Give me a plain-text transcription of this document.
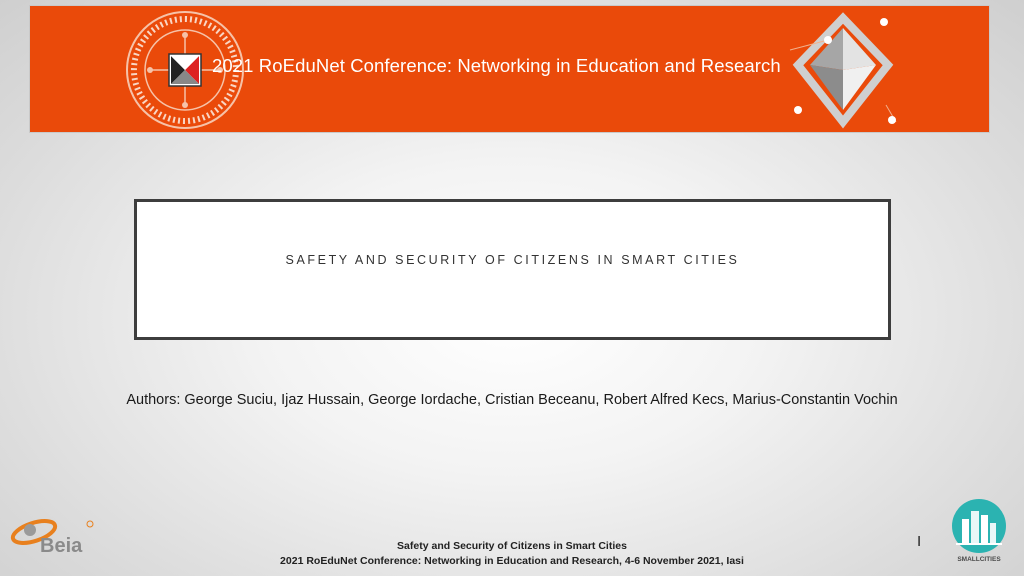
2021 RoEduNet Conference: Networking in Education and Research
SAFETY AND SECURITY OF CITIZENS IN SMART CITIES
Authors: George Suciu, Ijaz Hussain, George Iordache, Cristian Beceanu, Robert Alfred Kecs, Marius-Constantin Vochin
Beia	Safety and Security of Citizens in Smart Cities
2021 RoEduNet Conference: Networking in Education and Research, 4-6 November 2021, Iasi
I
SMALLCITIES
